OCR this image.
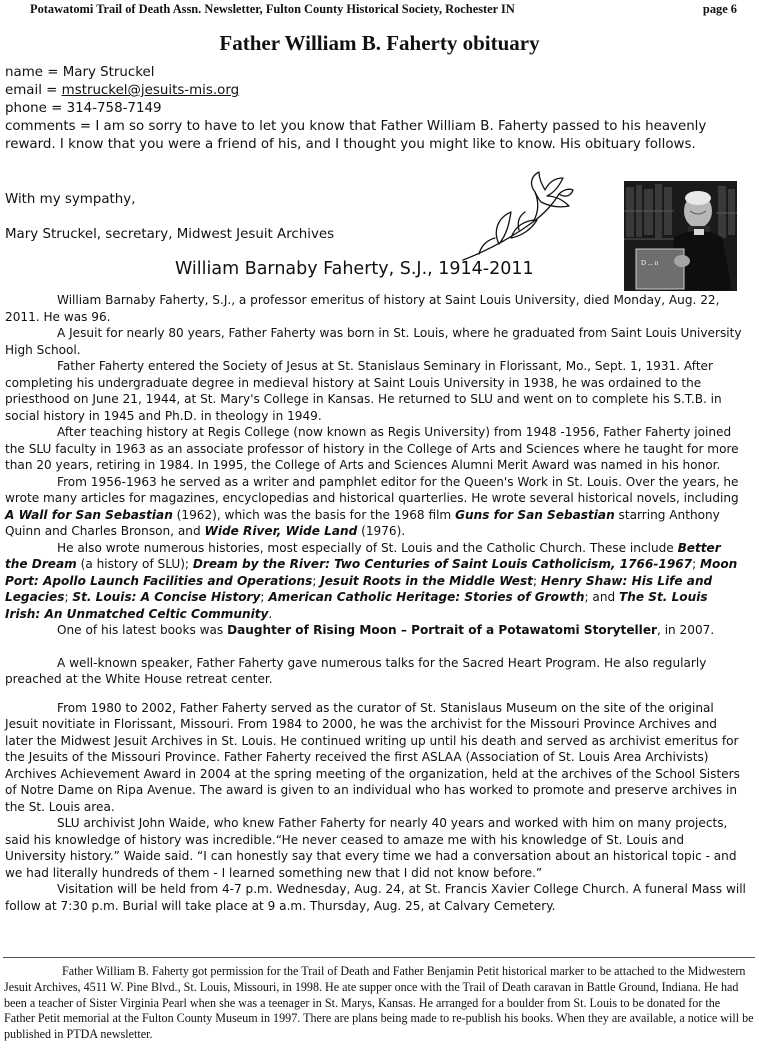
Potawatomi Trail of Death Assn. Newsletter, Fulton County Historical Society, Rochester IN	page 6
Father William B. Faherty obituary
name = Mary Struckel
email = mstruckel@jesuits-mis.org
phone = 314-758-7149
comments = I am so sorry to have to let you know that Father William B. Faherty passed to his heavenly reward. I know that you were a friend of his, and I thought you might like to know. His obituary follows.
With my sympathy,
Mary Struckel, secretary, Midwest Jesuit Archives
D ... n
William Barnaby Faherty, S.J., 1914-2011

William Barnaby Faherty, S.J., a professor emeritus of history at Saint Louis University, died Monday, Aug. 22, 2011. He was 96.

A Jesuit for nearly 80 years, Father Faherty was born in St. Louis, where he graduated from Saint Louis University High School.

Father Faherty entered the Society of Jesus at St. Stanislaus Seminary in Florissant, Mo., Sept. 1, 1931. After completing his undergraduate degree in medieval history at Saint Louis University in 1938, he was ordained to the priesthood on June 21, 1944, at St. Mary's College in Kansas. He returned to SLU and went on to complete his S.T.B. in social history in 1945 and Ph.D. in theology in 1949.

After teaching history at Regis College (now known as Regis University) from 1948 -1956, Father Faherty joined the SLU faculty in 1963 as an associate professor of history in the College of Arts and Sciences where he taught for more than 20 years, retiring in 1984. In 1995, the College of Arts and Sciences Alumni Merit Award was named in his honor.

From 1956-1963 he served as a writer and pamphlet editor for the Queen's Work in St. Louis. Over the years, he wrote many articles for magazines, encyclopedias and historical quarterlies. He wrote several historical novels, including A Wall for San Sebastian (1962), which was the basis for the 1968 film Guns for San Sebastian starring Anthony Quinn and Charles Bronson, and Wide River, Wide Land (1976).

He also wrote numerous histories, most especially of St. Louis and the Catholic Church. These include Better the Dream (a history of SLU); Dream by the River: Two Centuries of Saint Louis Catholicism, 1766-1967; Moon Port: Apollo Launch Facilities and Operations; Jesuit Roots in the Middle West; Henry Shaw: His Life and Legacies; St. Louis: A Concise History; American Catholic Heritage: Stories of Growth; and The St. Louis Irish: An Unmatched Celtic Community.

One of his latest books was Daughter of Rising Moon – Portrait of a Potawatomi Storyteller, in 2007.

A well-known speaker, Father Faherty gave numerous talks for the Sacred Heart Program. He also regularly preached at the White House retreat center.

From 1980 to 2002, Father Faherty served as the curator of St. Stanislaus Museum on the site of the original Jesuit novitiate in Florissant, Missouri. From 1984 to 2000, he was the archivist for the Missouri Province Archives and later the Midwest Jesuit Archives in St. Louis. He continued writing up until his death and served as archivist emeritus for the Jesuits of the Missouri Province. Father Faherty received the first ASLAA (Association of St. Louis Area Archivists) Archives Achievement Award in 2004 at the spring meeting of the organization, held at the archives of the School Sisters of Notre Dame on Ripa Avenue. The award is given to an individual who has worked to promote and preserve archives in the St. Louis area.

SLU archivist John Waide, who knew Father Faherty for nearly 40 years and worked with him on many projects, said his knowledge of history was incredible.“He never ceased to amaze me with his knowledge of St. Louis and University history.” Waide said. “I can honestly say that every time we had a conversation about an historical topic - and we had literally hundreds of them - I learned something new that I did not know before.”

Visitation will be held from 4-7 p.m. Wednesday, Aug. 24, at St. Francis Xavier College Church. A funeral Mass will follow at 7:30 p.m. Burial will take place at 9 a.m. Thursday, Aug. 25, at Calvary Cemetery.

Father William B. Faherty got permission for the Trail of Death and Father Benjamin Petit historical marker to be attached to the Midwestern Jesuit Archives, 4511 W. Pine Blvd., St. Louis, Missouri, in 1998. He ate supper once with the Trail of Death caravan in Battle Ground, Indiana. He had been a teacher of Sister Virginia Pearl when she was a teenager in St. Marys, Kansas. He arranged for a boulder from St. Louis to be donated for the Father Petit memorial at the Fulton County Museum in 1997. There are plans being made to re-publish his books. When they are available, a notice will be published in PTDA newsletter.
